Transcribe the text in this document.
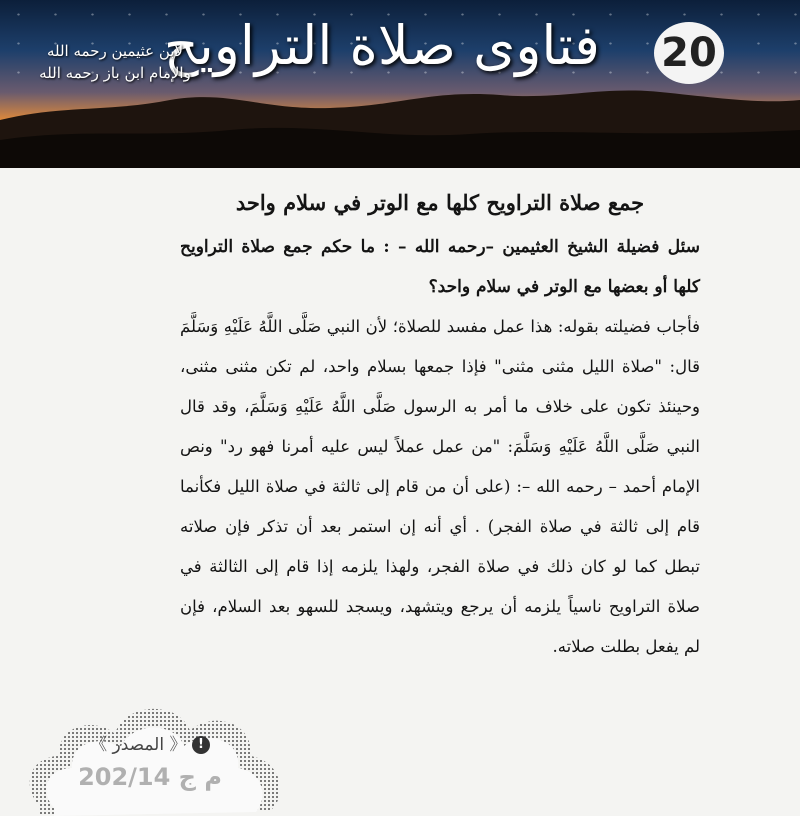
فتاوى صلاة التراويح
لابن عثيمين رحمه الله
والإمام ابن باز رحمه الله	20

جمع صلاة التراويح كلها مع الوتر في سلام واحد

سئل فضيلة الشيخ العثيمين –رحمه الله – : ما حكم جمع صلاة التراويح كلها أو بعضها مع الوتر في سلام واحد؟

فأجاب فضيلته بقوله: هذا عمل مفسد للصلاة؛ لأن النبي صَلَّى اللَّهُ عَلَيْهِ وَسَلَّمَ قال: "صلاة الليل مثنى مثنى" فإذا جمعها بسلام واحد، لم تكن مثنى مثنى، وحينئذ تكون على خلاف ما أمر به الرسول صَلَّى اللَّهُ عَلَيْهِ وَسَلَّمَ، وقد قال النبي صَلَّى اللَّهُ عَلَيْهِ وَسَلَّمَ: "من عمل عملاً ليس عليه أمرنا فهو رد" ونص الإمام أحمد – رحمه الله –: (على أن من قام إلى ثالثة في صلاة الليل فكأنما قام إلى ثالثة في صلاة الفجر) . أي أنه إن استمر بعد أن تذكر فإن صلاته تبطل كما لو كان ذلك في صلاة الفجر، ولهذا يلزمه إذا قام إلى الثالثة في صلاة التراويح ناسياً يلزمه أن يرجع ويتشهد، ويسجد للسهو بعد السلام، فإن لم يفعل بطلت صلاته.

! 《 المصدر 》
م ج 202/14
